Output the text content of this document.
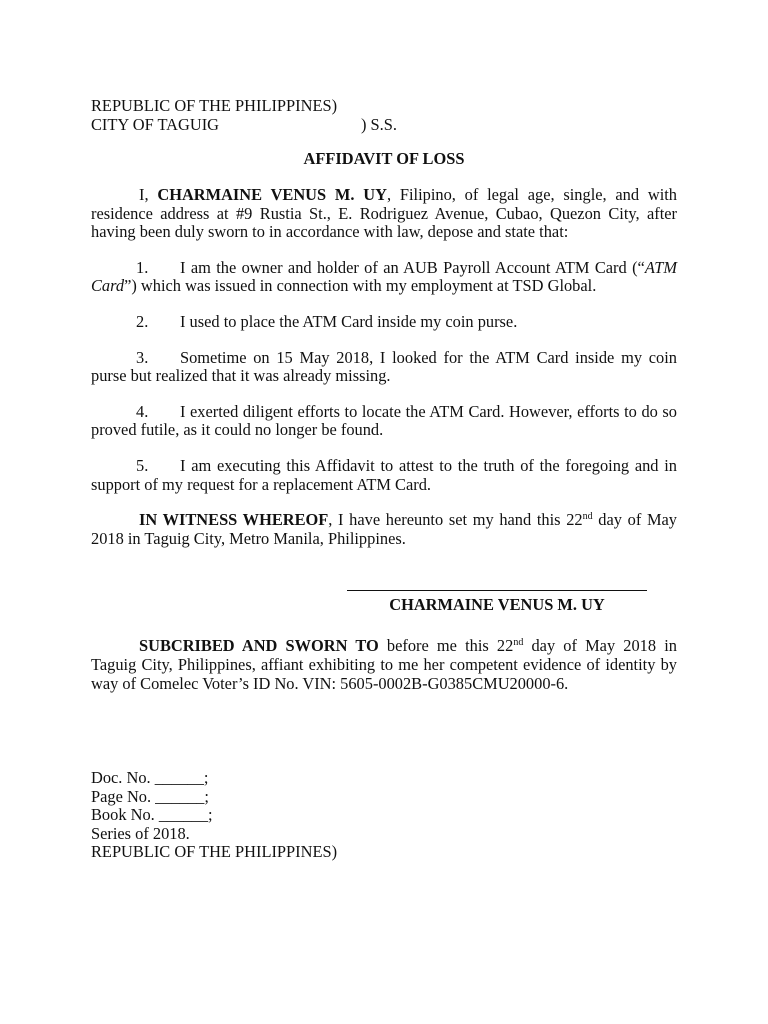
REPUBLIC OF THE PHILIPPINES)
CITY OF TAGUIG	) S.S.
AFFIDAVIT OF LOSS

I, CHARMAINE VENUS M. UY, Filipino, of legal age, single, and with residence address at #9 Rustia St., E. Rodriguez Avenue, Cubao, Quezon City, after having been duly sworn to in accordance with law, depose and state that:

1. I am the owner and holder of an AUB Payroll Account ATM Card (“ATM Card”) which was issued in connection with my employment at TSD Global.

2. I used to place the ATM Card inside my coin purse.

3. Sometime on 15 May 2018, I looked for the ATM Card inside my coin purse but realized that it was already missing.

4. I exerted diligent efforts to locate the ATM Card. However, efforts to do so proved futile, as it could no longer be found.

5. I am executing this Affidavit to attest to the truth of the foregoing and in support of my request for a replacement ATM Card.

IN WITNESS WHEREOF, I have hereunto set my hand this 22nd day of May 2018 in Taguig City, Metro Manila, Philippines.

CHARMAINE VENUS M. UY

SUBCRIBED AND SWORN TO before me this 22nd day of May 2018 in Taguig City, Philippines, affiant exhibiting to me her competent evidence of identity by way of Comelec Voter’s ID No. VIN: 5605-0002B-G0385CMU20000-6.

Doc. No. ______;
Page No. ______;
Book No. ______;
Series of 2018.
REPUBLIC OF THE PHILIPPINES)
